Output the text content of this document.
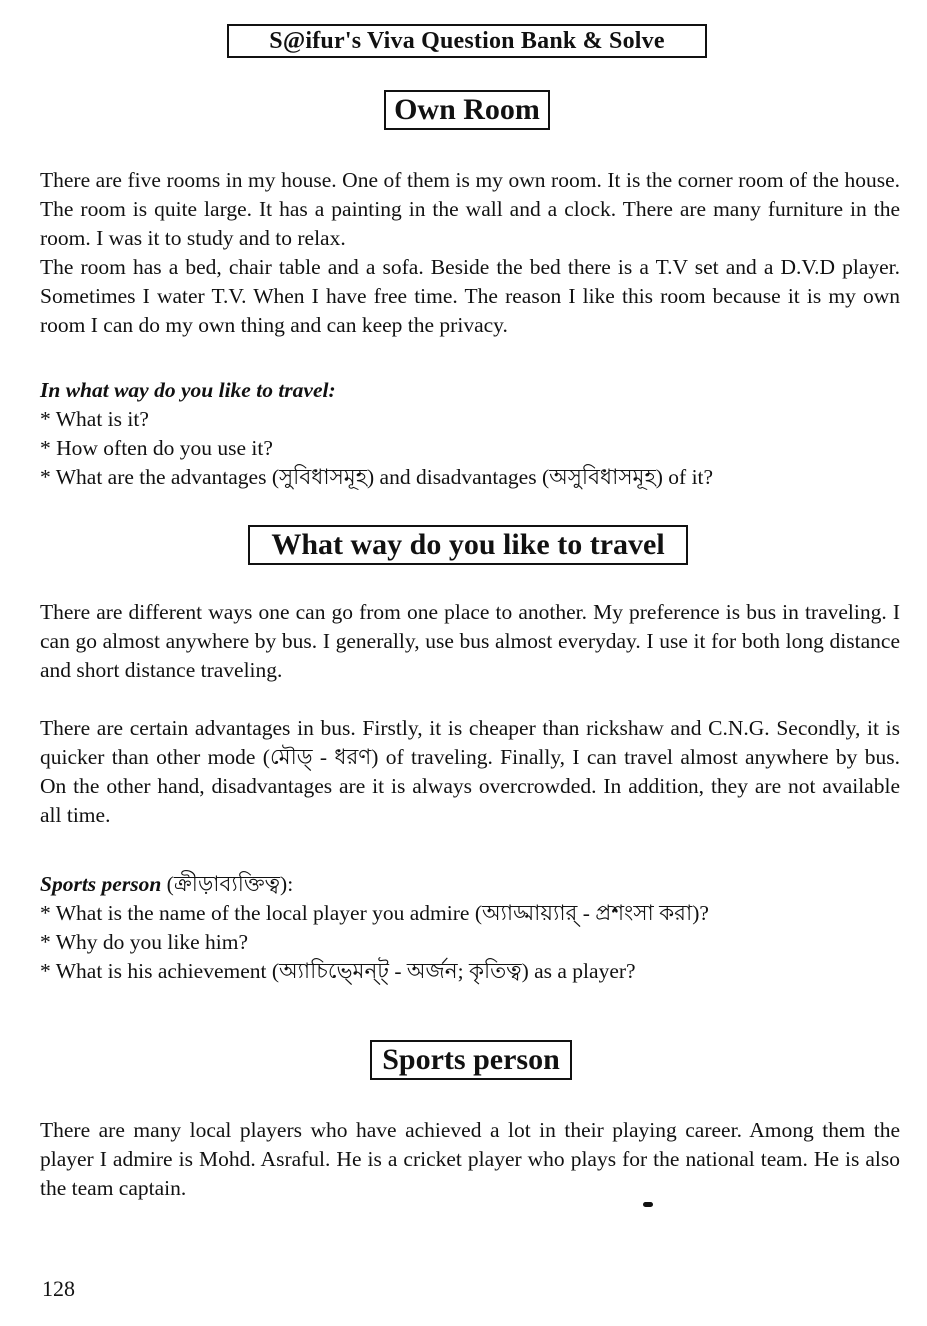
S@ifur's Viva Question Bank & Solve
Own Room

There are five rooms in my house. One of them is my own room. It is the corner room of the house. The room is quite large. It has a painting in the wall and a clock. There are many furniture in the room. I was it to study and to relax.

The room has a bed, chair table and a sofa. Beside the bed there is a T.V set and a D.V.D player. Sometimes I water T.V. When I have free time. The reason I like this room because it is my own room I can do my own thing and can keep the privacy.

In what way do you like to travel:
* What is it?
* How often do you use it?
* What are the advantages (সুবিধাসমূহ) and disadvantages (অসুবিধাসমূহ) of it?
What way do you like to travel

There are different ways one can go from one place to another. My preference is bus in traveling. I can go almost anywhere by bus. I generally, use bus almost everyday. I use it for both long distance and short distance traveling.

There are certain advantages in bus. Firstly, it is cheaper than rickshaw and C.N.G. Secondly, it is quicker than other mode (মৌড্ - ধরণ) of traveling. Finally, I can travel almost anywhere by bus. On the other hand, disadvantages are it is always overcrowded. In addition, they are not available all time.

Sports person (ক্রীড়াব্যক্তিত্ব):
* What is the name of the local player you admire (অ্যাড্মায়্যার্ - প্রশংসা করা)?
* Why do you like him?
* What is his achievement (অ্যাচিভ্মেন্ট্ - অর্জন; কৃতিত্ব) as a player?
Sports person

There are many local players who have achieved a lot in their playing career. Among them the player I admire is Mohd. Asraful. He is a cricket player who plays for the national team. He is also the team captain.

128
